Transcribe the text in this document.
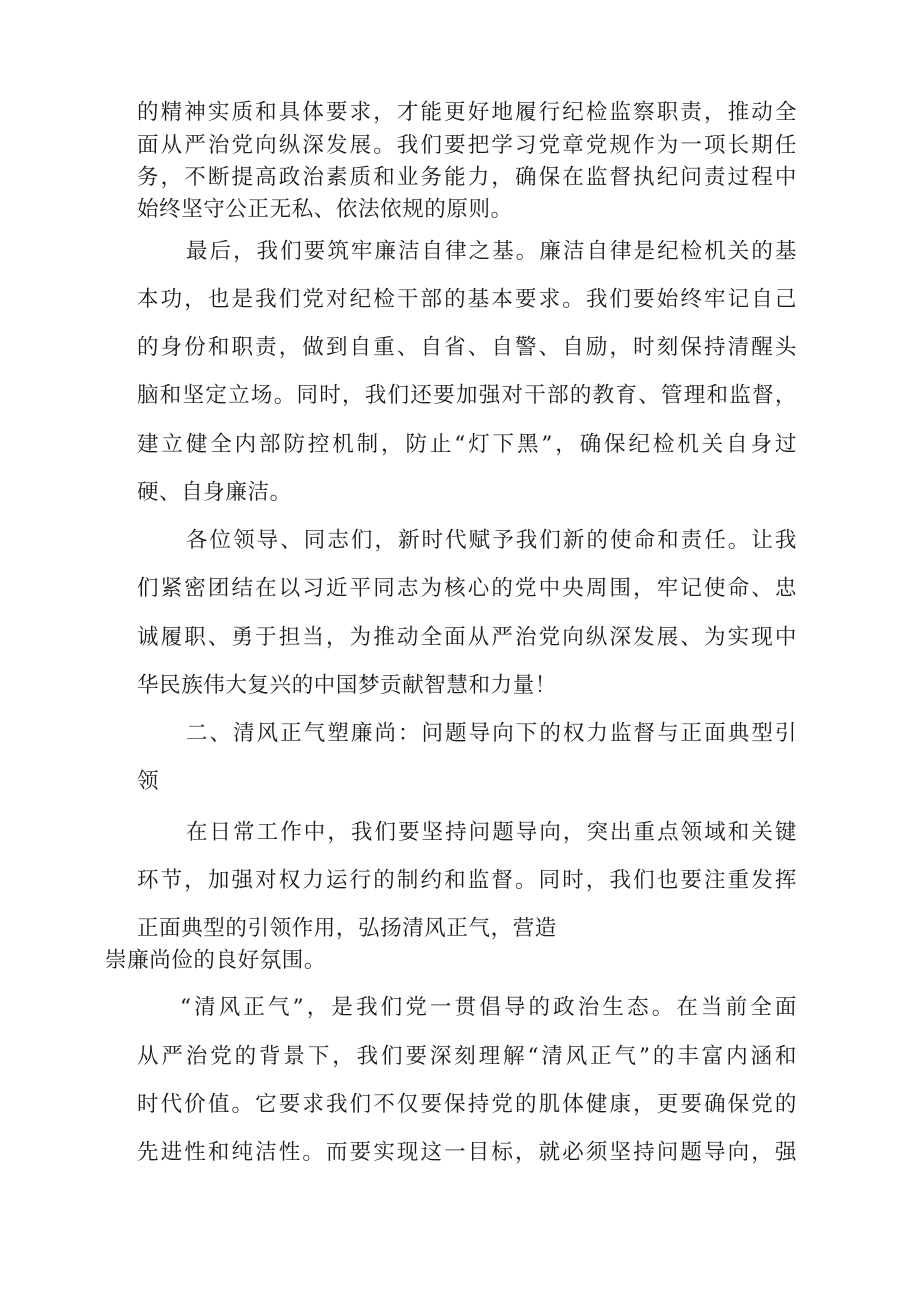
的精神实质和具体要求，才能更好地履行纪检监察职责，推动全
面从严治党向纵深发展。我们要把学习党章党规作为一项长期任
务，不断提高政治素质和业务能力，确保在监督执纪问责过程中
始终坚守公正无私、依法依规的原则。
最后，我们要筑牢廉洁自律之基。廉洁自律是纪检机关的基
本功，也是我们党对纪检干部的基本要求。我们要始终牢记自己
的身份和职责，做到自重、自省、自警、自励，时刻保持清醒头
脑和坚定立场。同时，我们还要加强对干部的教育、管理和监督，
建立健全内部防控机制，防止“灯下黑”，确保纪检机关自身过
硬、自身廉洁。
各位领导、同志们，新时代赋予我们新的使命和责任。让我
们紧密团结在以习近平同志为核心的党中央周围，牢记使命、忠
诚履职、勇于担当，为推动全面从严治党向纵深发展、为实现中
华民族伟大复兴的中国梦贡献智慧和力量！
二、清风正气塑廉尚：问题导向下的权力监督与正面典型引
领
在日常工作中，我们要坚持问题导向，突出重点领域和关键
环节，加强对权力运行的制约和监督。同时，我们也要注重发挥
正面典型的引领作用，弘扬清风正气，营造
崇廉尚俭的良好氛围。
“清风正气”，是我们党一贯倡导的政治生态。在当前全面
从严治党的背景下，我们要深刻理解“清风正气”的丰富内涵和
时代价值。它要求我们不仅要保持党的肌体健康，更要确保党的
先进性和纯洁性。而要实现这一目标，就必须坚持问题导向，强
